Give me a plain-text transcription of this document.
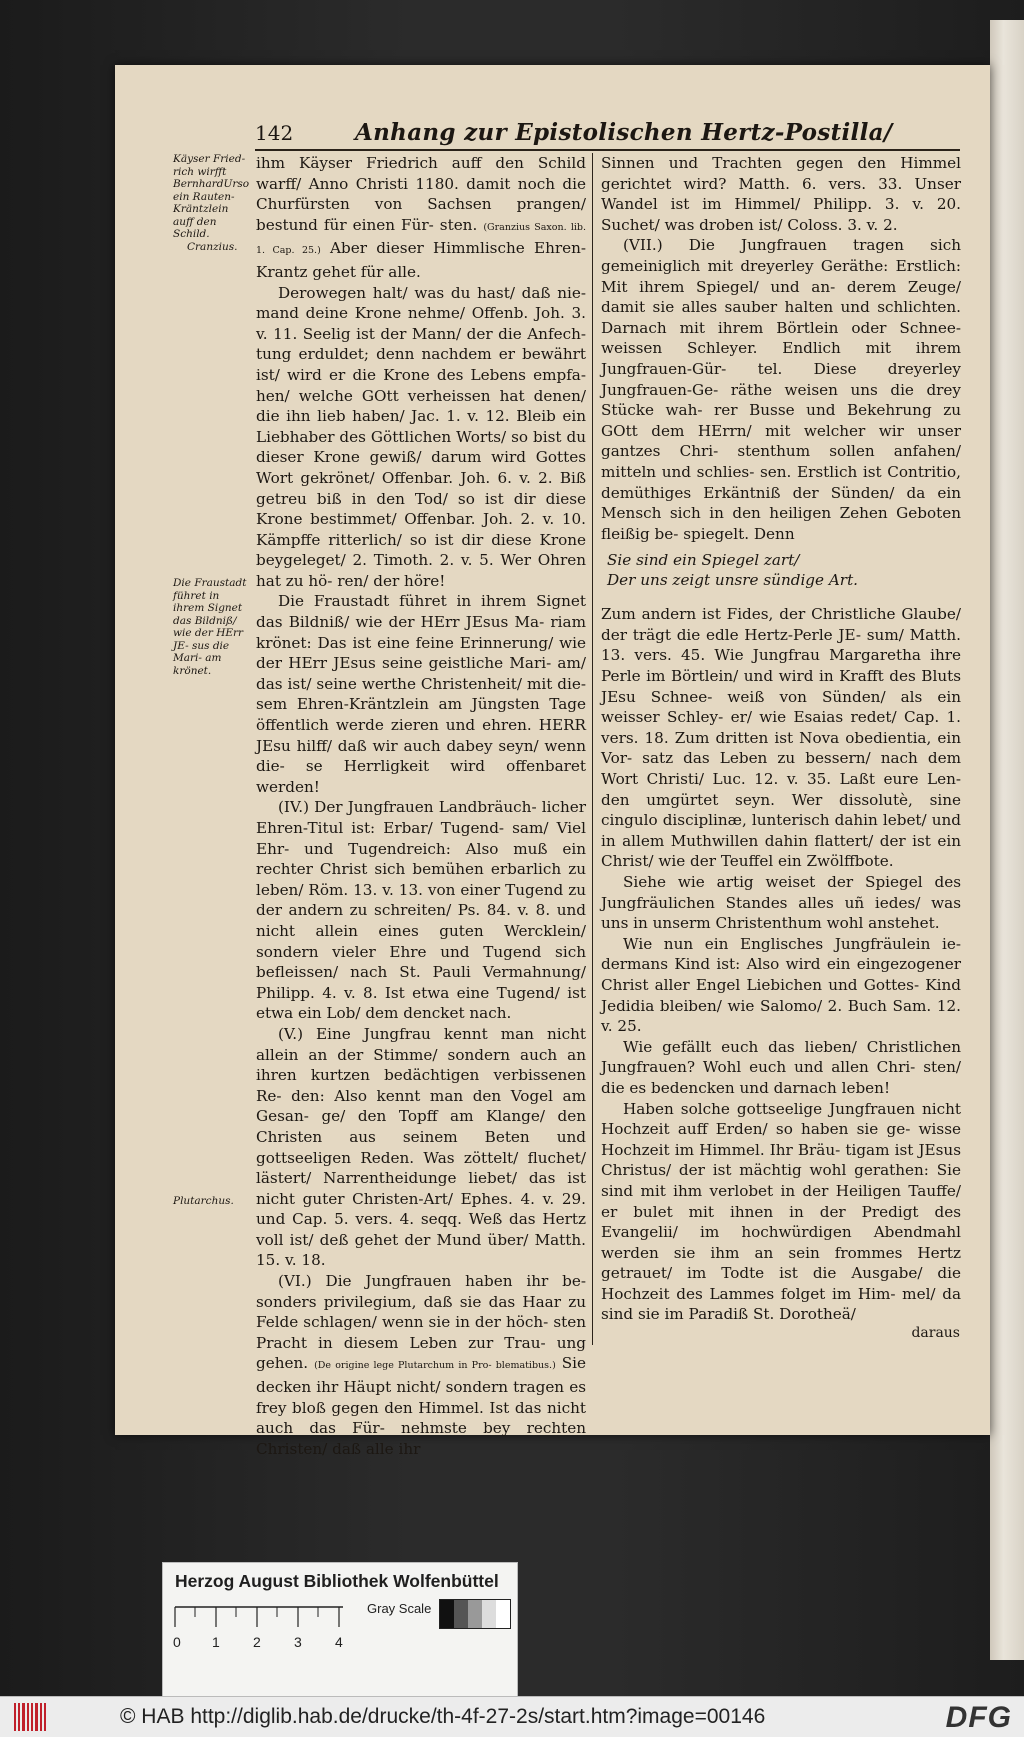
142	Anhang zur Epistolischen Hertz-Postilla/
Käyser Fried- rich wirfft BernhardUrso ein Rauten- Kräntzlein auff den Schild.
Cranzius.
Die Fraustadt führet in ihrem Signet das Bildniß/ wie der HErr JE- sus die Mari- am krönet.
Plutarchus.

ihm Käyser Friedrich auff den Schild warff/ Anno Christi 1180. damit noch die Churfürsten von Sachsen prangen/ bestund für einen Für- sten. (Granzius Saxon. lib. 1. Cap. 25.) Aber dieser Himmlische Ehren-Krantz gehet für alle.

Derowegen halt/ was du hast/ daß nie- mand deine Krone nehme/ Offenb. Joh. 3. v. 11. Seelig ist der Mann/ der die Anfech- tung erduldet; denn nachdem er bewährt ist/ wird er die Krone des Lebens empfa- hen/ welche GOtt verheissen hat denen/ die ihn lieb haben/ Jac. 1. v. 12. Bleib ein Liebhaber des Göttlichen Worts/ so bist du dieser Krone gewiß/ darum wird Gottes Wort gekrönet/ Offenbar. Joh. 6. v. 2. Biß getreu biß in den Tod/ so ist dir diese Krone bestimmet/ Offenbar. Joh. 2. v. 10. Kämpffe ritterlich/ so ist dir diese Krone beygeleget/ 2. Timoth. 2. v. 5. Wer Ohren hat zu hö- ren/ der höre!

Die Fraustadt führet in ihrem Signet das Bildniß/ wie der HErr JEsus Ma- riam krönet: Das ist eine feine Erinnerung/ wie der HErr JEsus seine geistliche Mari- am/ das ist/ seine werthe Christenheit/ mit die- sem Ehren-Kräntzlein am Jüngsten Tage öffentlich werde zieren und ehren. HERR JEsu hilff/ daß wir auch dabey seyn/ wenn die- se Herrligkeit wird offenbaret werden!

(IV.) Der Jungfrauen Landbräuch- licher Ehren-Titul ist: Erbar/ Tugend- sam/ Viel Ehr- und Tugendreich: Also muß ein rechter Christ sich bemühen erbarlich zu leben/ Röm. 13. v. 13. von einer Tugend zu der andern zu schreiten/ Ps. 84. v. 8. und nicht allein eines guten Wercklein/ sondern vieler Ehre und Tugend sich befleissen/ nach St. Pauli Vermahnung/ Philipp. 4. v. 8. Ist etwa eine Tugend/ ist etwa ein Lob/ dem dencket nach.

(V.) Eine Jungfrau kennt man nicht allein an der Stimme/ sondern auch an ihren kurtzen bedächtigen verbissenen Re- den: Also kennt man den Vogel am Gesan- ge/ den Topff am Klange/ den Christen aus seinem Beten und gottseeligen Reden. Was zöttelt/ fluchet/ lästert/ Narrentheidunge liebet/ das ist nicht guter Christen-Art/ Ephes. 4. v. 29. und Cap. 5. vers. 4. seqq. Weß das Hertz voll ist/ deß gehet der Mund über/ Matth. 15. v. 18.

(VI.) Die Jungfrauen haben ihr be- sonders privilegium, daß sie das Haar zu Felde schlagen/ wenn sie in der höch- sten Pracht in diesem Leben zur Trau- ung gehen. (De origine lege Plutarchum in Pro- blematibus.) Sie decken ihr Häupt nicht/ sondern tragen es frey bloß gegen den Himmel. Ist das nicht auch das Für- nehmste bey rechten Christen/ daß alle ihr

Sinnen und Trachten gegen den Himmel gerichtet wird? Matth. 6. vers. 33. Unser Wandel ist im Himmel/ Philipp. 3. v. 20. Suchet/ was droben ist/ Coloss. 3. v. 2.

(VII.) Die Jungfrauen tragen sich gemeiniglich mit dreyerley Geräthe: Erstlich: Mit ihrem Spiegel/ und an- derem Zeuge/ damit sie alles sauber halten und schlichten. Darnach mit ihrem Börtlein oder Schnee-weissen Schleyer. Endlich mit ihrem Jungfrauen-Gür- tel. Diese dreyerley Jungfrauen-Ge- räthe weisen uns die drey Stücke wah- rer Busse und Bekehrung zu GOtt dem HErrn/ mit welcher wir unser gantzes Chri- stenthum sollen anfahen/ mitteln und schlies- sen. Erstlich ist Contritio, demüthiges Erkäntniß der Sünden/ da ein Mensch sich in den heiligen Zehen Geboten fleißig be- spiegelt. Denn

Sie sind ein Spiegel zart/
Der uns zeigt unsre sündige Art.

Zum andern ist Fides, der Christliche Glaube/ der trägt die edle Hertz-Perle JE- sum/ Matth. 13. vers. 45. Wie Jungfrau Margaretha ihre Perle im Börtlein/ und wird in Krafft des Bluts JEsu Schnee- weiß von Sünden/ als ein weisser Schley- er/ wie Esaias redet/ Cap. 1. vers. 18. Zum dritten ist Nova obedientia, ein Vor- satz das Leben zu bessern/ nach dem Wort Christi/ Luc. 12. v. 35. Laßt eure Len- den umgürtet seyn. Wer dissolutè, sine cingulo disciplinæ, lunterisch dahin lebet/ und in allem Muthwillen dahin flattert/ der ist ein Christ/ wie der Teuffel ein Zwölffbote.

Siehe wie artig weiset der Spiegel des Jungfräulichen Standes alles uñ iedes/ was uns in unserm Christenthum wohl anstehet.

Wie nun ein Englisches Jungfräulein ie- dermans Kind ist: Also wird ein eingezogener Christ aller Engel Liebichen und Gottes- Kind Jedidia bleiben/ wie Salomo/ 2. Buch Sam. 12. v. 25.

Wie gefällt euch das lieben/ Christlichen Jungfrauen? Wohl euch und allen Chri- sten/ die es bedencken und darnach leben!

Haben solche gottseelige Jungfrauen nicht Hochzeit auff Erden/ so haben sie ge- wisse Hochzeit im Himmel. Ihr Bräu- tigam ist JEsus Christus/ der ist mächtig wohl gerathen: Sie sind mit ihm verlobet in der Heiligen Tauffe/ er bulet mit ihnen in der Predigt des Evangelii/ im hochwürdigen Abendmahl werden sie ihm an sein frommes Hertz getrauet/ im Todte ist die Ausgabe/ die Hochzeit des Lammes folget im Him- mel/ da sind sie im Paradiß St. Dorotheä/

daraus
Herzog August Bibliothek Wolfenbüttel
0 1 2 3 4
Gray Scale
© HAB http://diglib.hab.de/drucke/th-4f-27-2s/start.htm?image=00146	DFG
